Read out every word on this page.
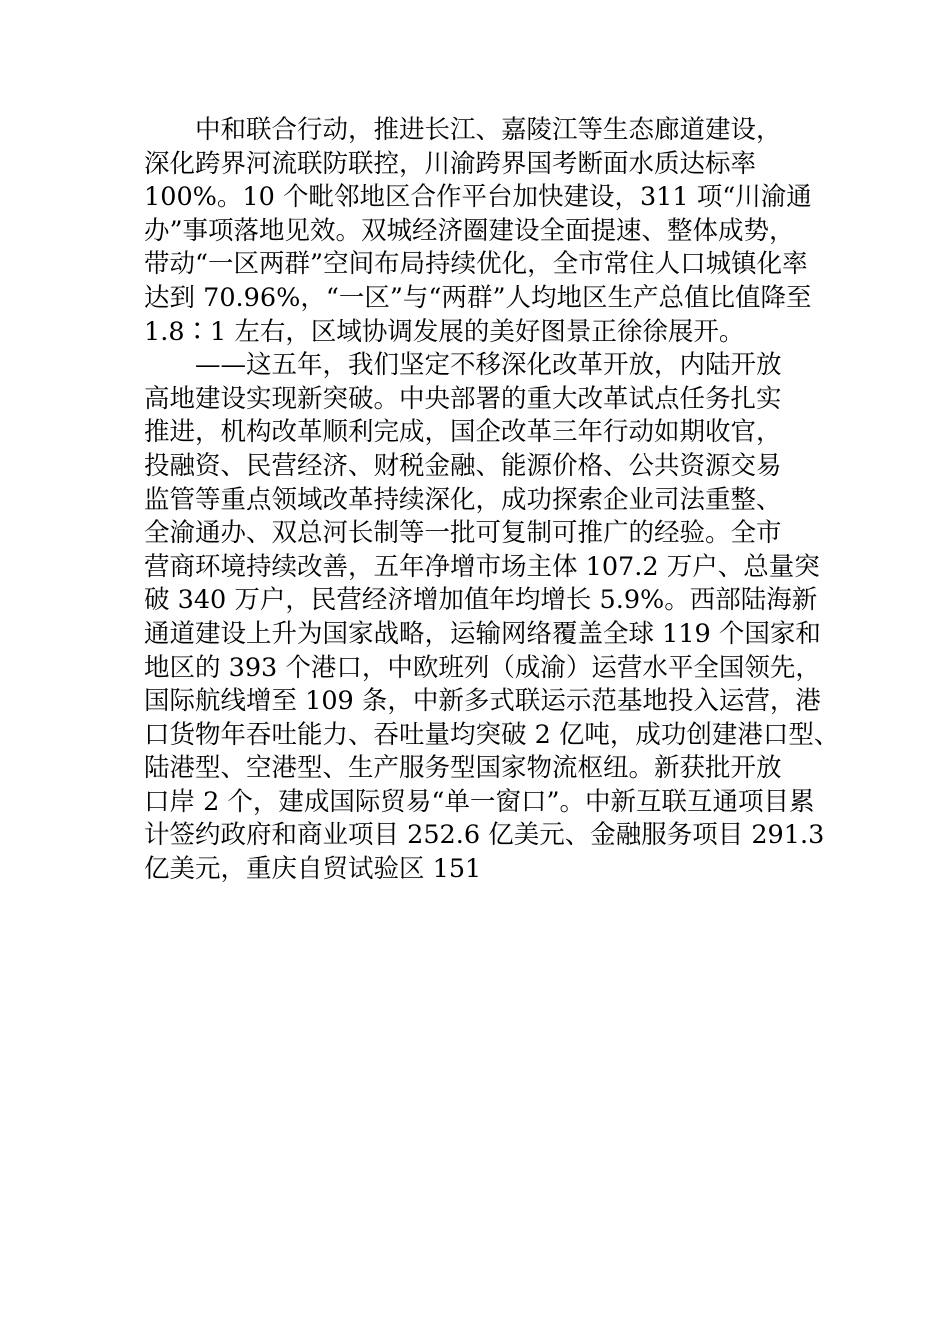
中和联合行动，推进长江、嘉陵江等生态廊道建设，
深化跨界河流联防联控，川渝跨界国考断面水质达标率
100%。10 个毗邻地区合作平台加快建设，311 项“川渝通
办”事项落地见效。双城经济圈建设全面提速、整体成势，
带动“一区两群”空间布局持续优化，全市常住人口城镇化率
达到 70.96%，“一区”与“两群”人均地区生产总值比值降至
1.8∶1 左右，区域协调发展的美好图景正徐徐展开。
——这五年，我们坚定不移深化改革开放，内陆开放
高地建设实现新突破。中央部署的重大改革试点任务扎实
推进，机构改革顺利完成，国企改革三年行动如期收官，
投融资、民营经济、财税金融、能源价格、公共资源交易
监管等重点领域改革持续深化，成功探索企业司法重整、
全渝通办、双总河长制等一批可复制可推广的经验。全市
营商环境持续改善，五年净增市场主体 107.2 万户、总量突
破 340 万户，民营经济增加值年均增长 5.9%。西部陆海新
通道建设上升为国家战略，运输网络覆盖全球 119 个国家和
地区的 393 个港口，中欧班列（成渝）运营水平全国领先，
国际航线增至 109 条，中新多式联运示范基地投入运营，港
口货物年吞吐能力、吞吐量均突破 2 亿吨，成功创建港口型、
陆港型、空港型、生产服务型国家物流枢纽。新获批开放
口岸 2 个，建成国际贸易“单一窗口”。中新互联互通项目累
计签约政府和商业项目 252.6 亿美元、金融服务项目 291.3
亿美元，重庆自贸试验区 151
